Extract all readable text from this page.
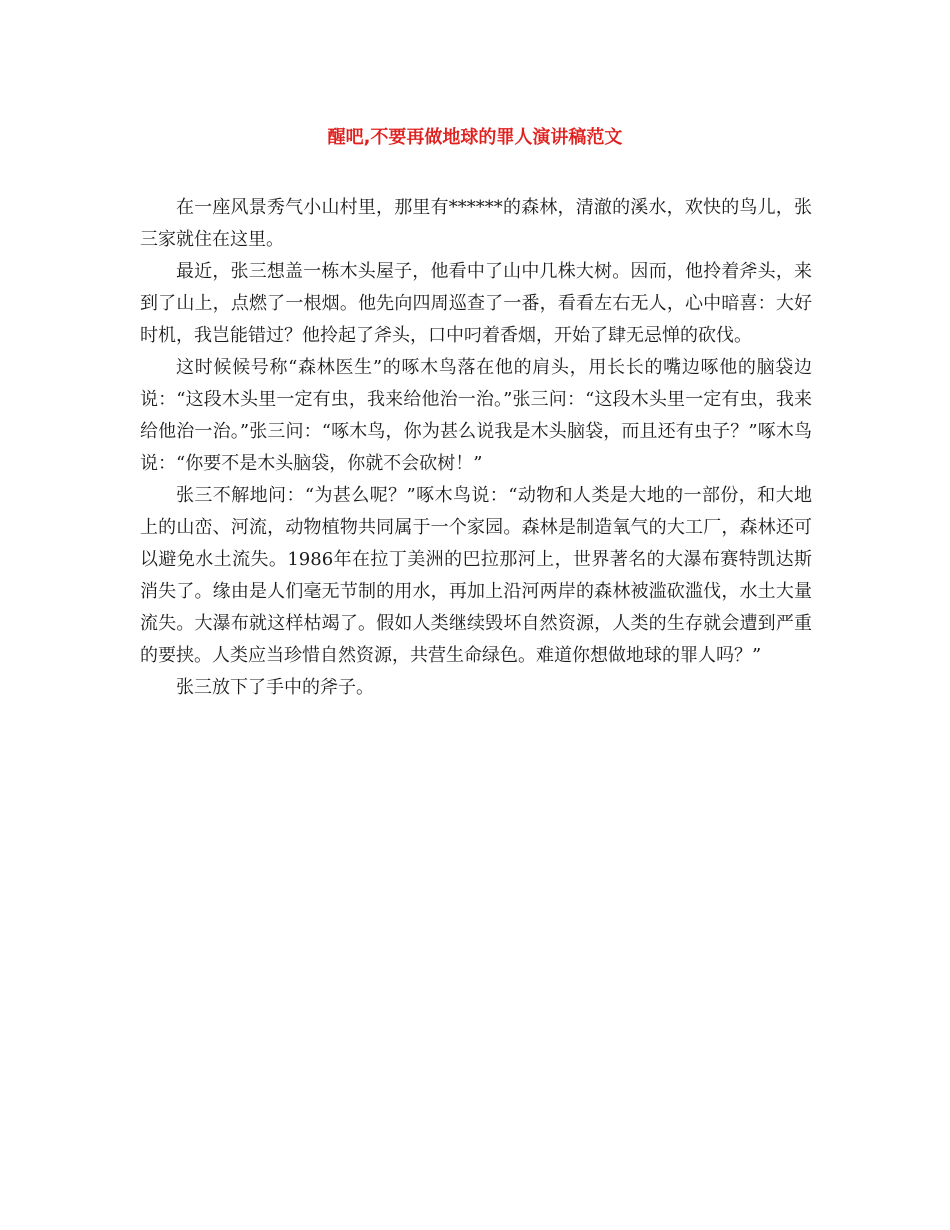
醒吧,不要再做地球的罪人演讲稿范文

在一座风景秀气小山村里，那里有******的森林，清澈的溪水，欢快的鸟儿，张三家就住在这里。

最近，张三想盖一栋木头屋子，他看中了山中几株大树。因而，他拎着斧头，来到了山上，点燃了一根烟。他先向四周巡查了一番，看看左右无人，心中暗喜：大好时机，我岂能错过？他拎起了斧头，口中叼着香烟，开始了肆无忌惮的砍伐。

这时候候号称“森林医生”的啄木鸟落在他的肩头，用长长的嘴边啄他的脑袋边说：“这段木头里一定有虫，我来给他治一治。”张三问：“这段木头里一定有虫，我来给他治一治。”张三问：“啄木鸟，你为甚么说我是木头脑袋，而且还有虫子？”啄木鸟说：“你要不是木头脑袋，你就不会砍树！”

张三不解地问：“为甚么呢？”啄木鸟说：“动物和人类是大地的一部份，和大地上的山峦、河流，动物植物共同属于一个家园。森林是制造氧气的大工厂，森林还可以避免水土流失。1986年在拉丁美洲的巴拉那河上，世界著名的大瀑布赛特凯达斯消失了。缘由是人们毫无节制的用水，再加上沿河两岸的森林被滥砍滥伐，水土大量流失。大瀑布就这样枯竭了。假如人类继续毁坏自然资源，人类的生存就会遭到严重的要挟。人类应当珍惜自然资源，共营生命绿色。难道你想做地球的罪人吗？”

张三放下了手中的斧子。
